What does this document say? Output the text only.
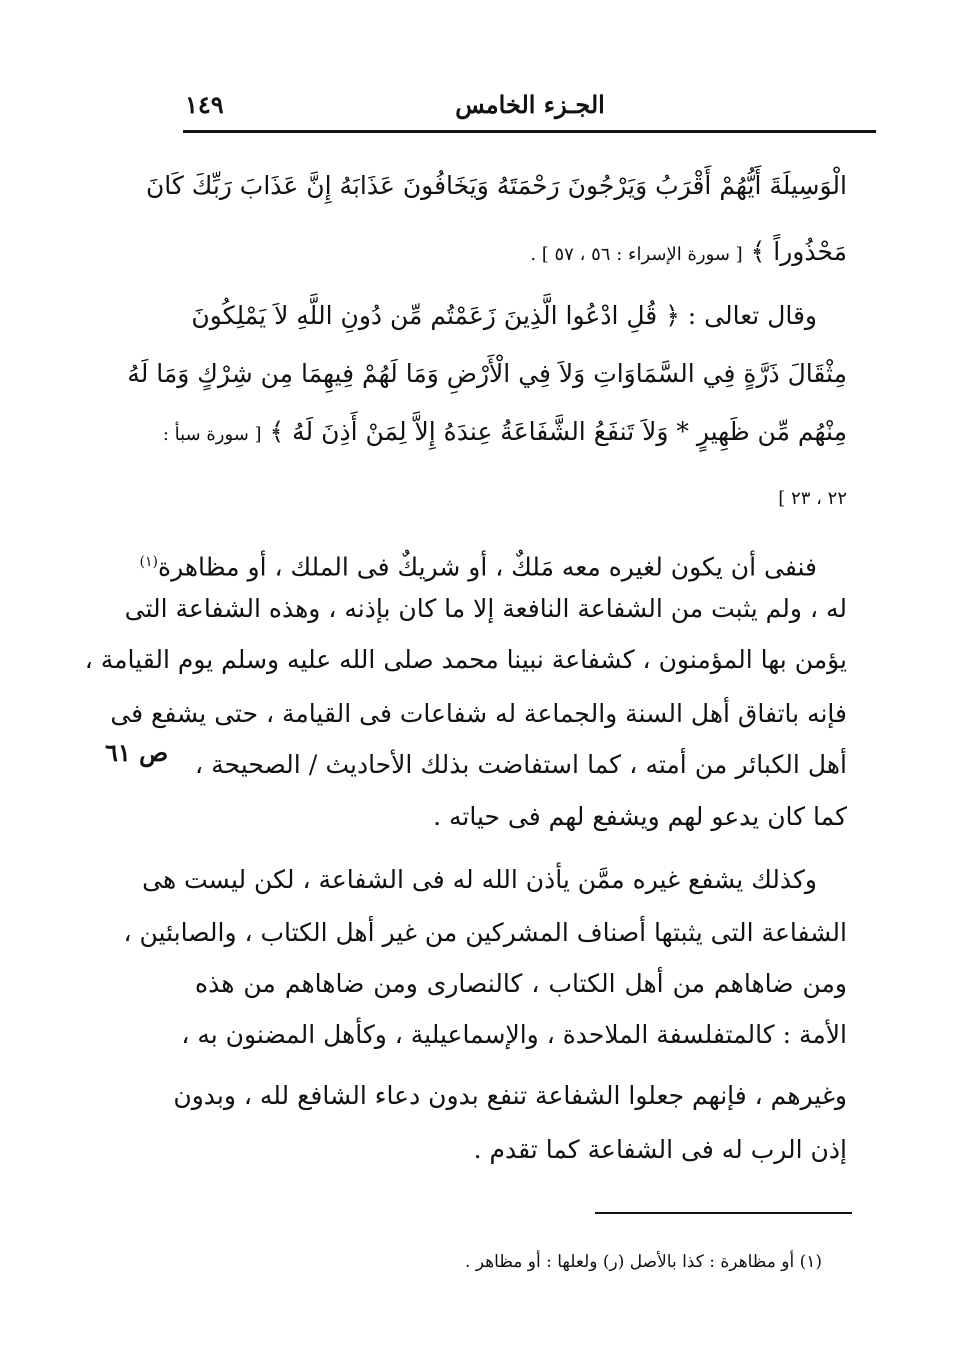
١٤٩	الجـزء الخامس
الْوَسِيلَةَ أَيُّهُمْ أَقْرَبُ وَيَرْجُونَ رَحْمَتَهُ وَيَخَافُونَ عَذَابَهُ إِنَّ عَذَابَ رَبِّكَ كَانَ
مَحْذُوراً ﴾ [ سورة الإسراء : ٥٦ ، ٥٧ ] .
وقال تعالى : ﴿ قُلِ ادْعُوا الَّذِينَ زَعَمْتُم مِّن دُونِ اللَّهِ لاَ يَمْلِكُونَ
مِثْقَالَ ذَرَّةٍ فِي السَّمَاوَاتِ وَلاَ فِي الْأَرْضِ وَمَا لَهُمْ فِيهِمَا مِن شِرْكٍ وَمَا لَهُ
مِنْهُم مِّن ظَهِيرٍ * وَلاَ تَنفَعُ الشَّفَاعَةُ عِندَهُ إِلاَّ لِمَنْ أَذِنَ لَهُ ﴾ [ سورة سبأ :
٢٢ ، ٢٣ ]
فنفى أن يكون لغيره معه مَلكٌ ، أو شريكٌ فى الملك ، أو مظاهرة$^{(١)}$
له ، ولم يثبت من الشفاعة النافعة إلا ما كان بإذنه ، وهذه الشفاعة التى
يؤمن بها المؤمنون ، كشفاعة نبينا محمد صلى الله عليه وسلم يوم القيامة ،
فإنه باتفاق أهل السنة والجماعة له شفاعات فى القيامة ، حتى يشفع فى
أهل الكبائر من أمته ، كما استفاضت بذلك الأحاديث / الصحيحة ،
كما كان يدعو لهم ويشفع لهم فى حياته .
ص ٦١
وكذلك يشفع غيره ممَّن يأذن الله له فى الشفاعة ، لكن ليست هى
الشفاعة التى يثبتها أصناف المشركين من غير أهل الكتاب ، والصابئين ،
ومن ضاهاهم من أهل الكتاب ، كالنصارى ومن ضاهاهم من هذه
الأمة : كالمتفلسفة الملاحدة ، والإسماعيلية ، وكأهل المضنون به ،
وغيرهم ، فإنهم جعلوا الشفاعة تنفع بدون دعاء الشافع لله ، وبدون
إذن الرب له فى الشفاعة كما تقدم .
(١) أو مظاهرة : كذا بالأصل (ر) ولعلها : أو مظاهر .
